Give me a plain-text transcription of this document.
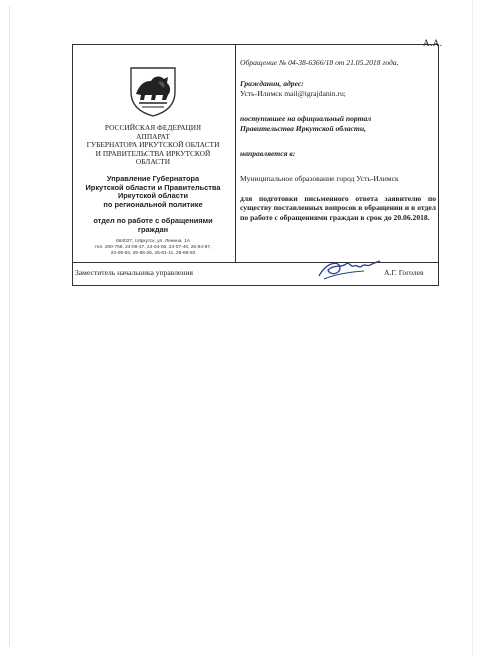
А.А.
РОССИЙСКАЯ ФЕДЕРАЦИЯ
АППАРАТ
ГУБЕРНАТОРА ИРКУТСКОЙ ОБЛАСТИ
И ПРАВИТЕЛЬСТВА ИРКУТСКОЙ
ОБЛАСТИ
Управление Губернатора
Иркутской области и Правительства
Иркутской области
по региональной политике
отдел по работе с обращениями
граждан
664027, г.Иркутск, ул. Ленина, 1А
тел. 200-756, 24-06-47, 24-04-06, 24-07-40, 25-84-87,
24-06-63, 25-65-26, 25-61-11, 25-69-93

Обращение № 04-38-6366/18 от 21.05.2018 года,

Гражданин, адрес:

Усть-Илимск mail@igrajdanin.ru;

поступившее на официальный портал

Правительства Иркутской области,

направляется в:

Муниципальное образование город Усть-Илимск

для подготовки письменного ответа заявителю по существу поставленных вопросов в обращении и в отдел по работе с обращениями граждан в срок до 20.06.2018.

Заместитель начальника управления	А.Г. Гоголев
